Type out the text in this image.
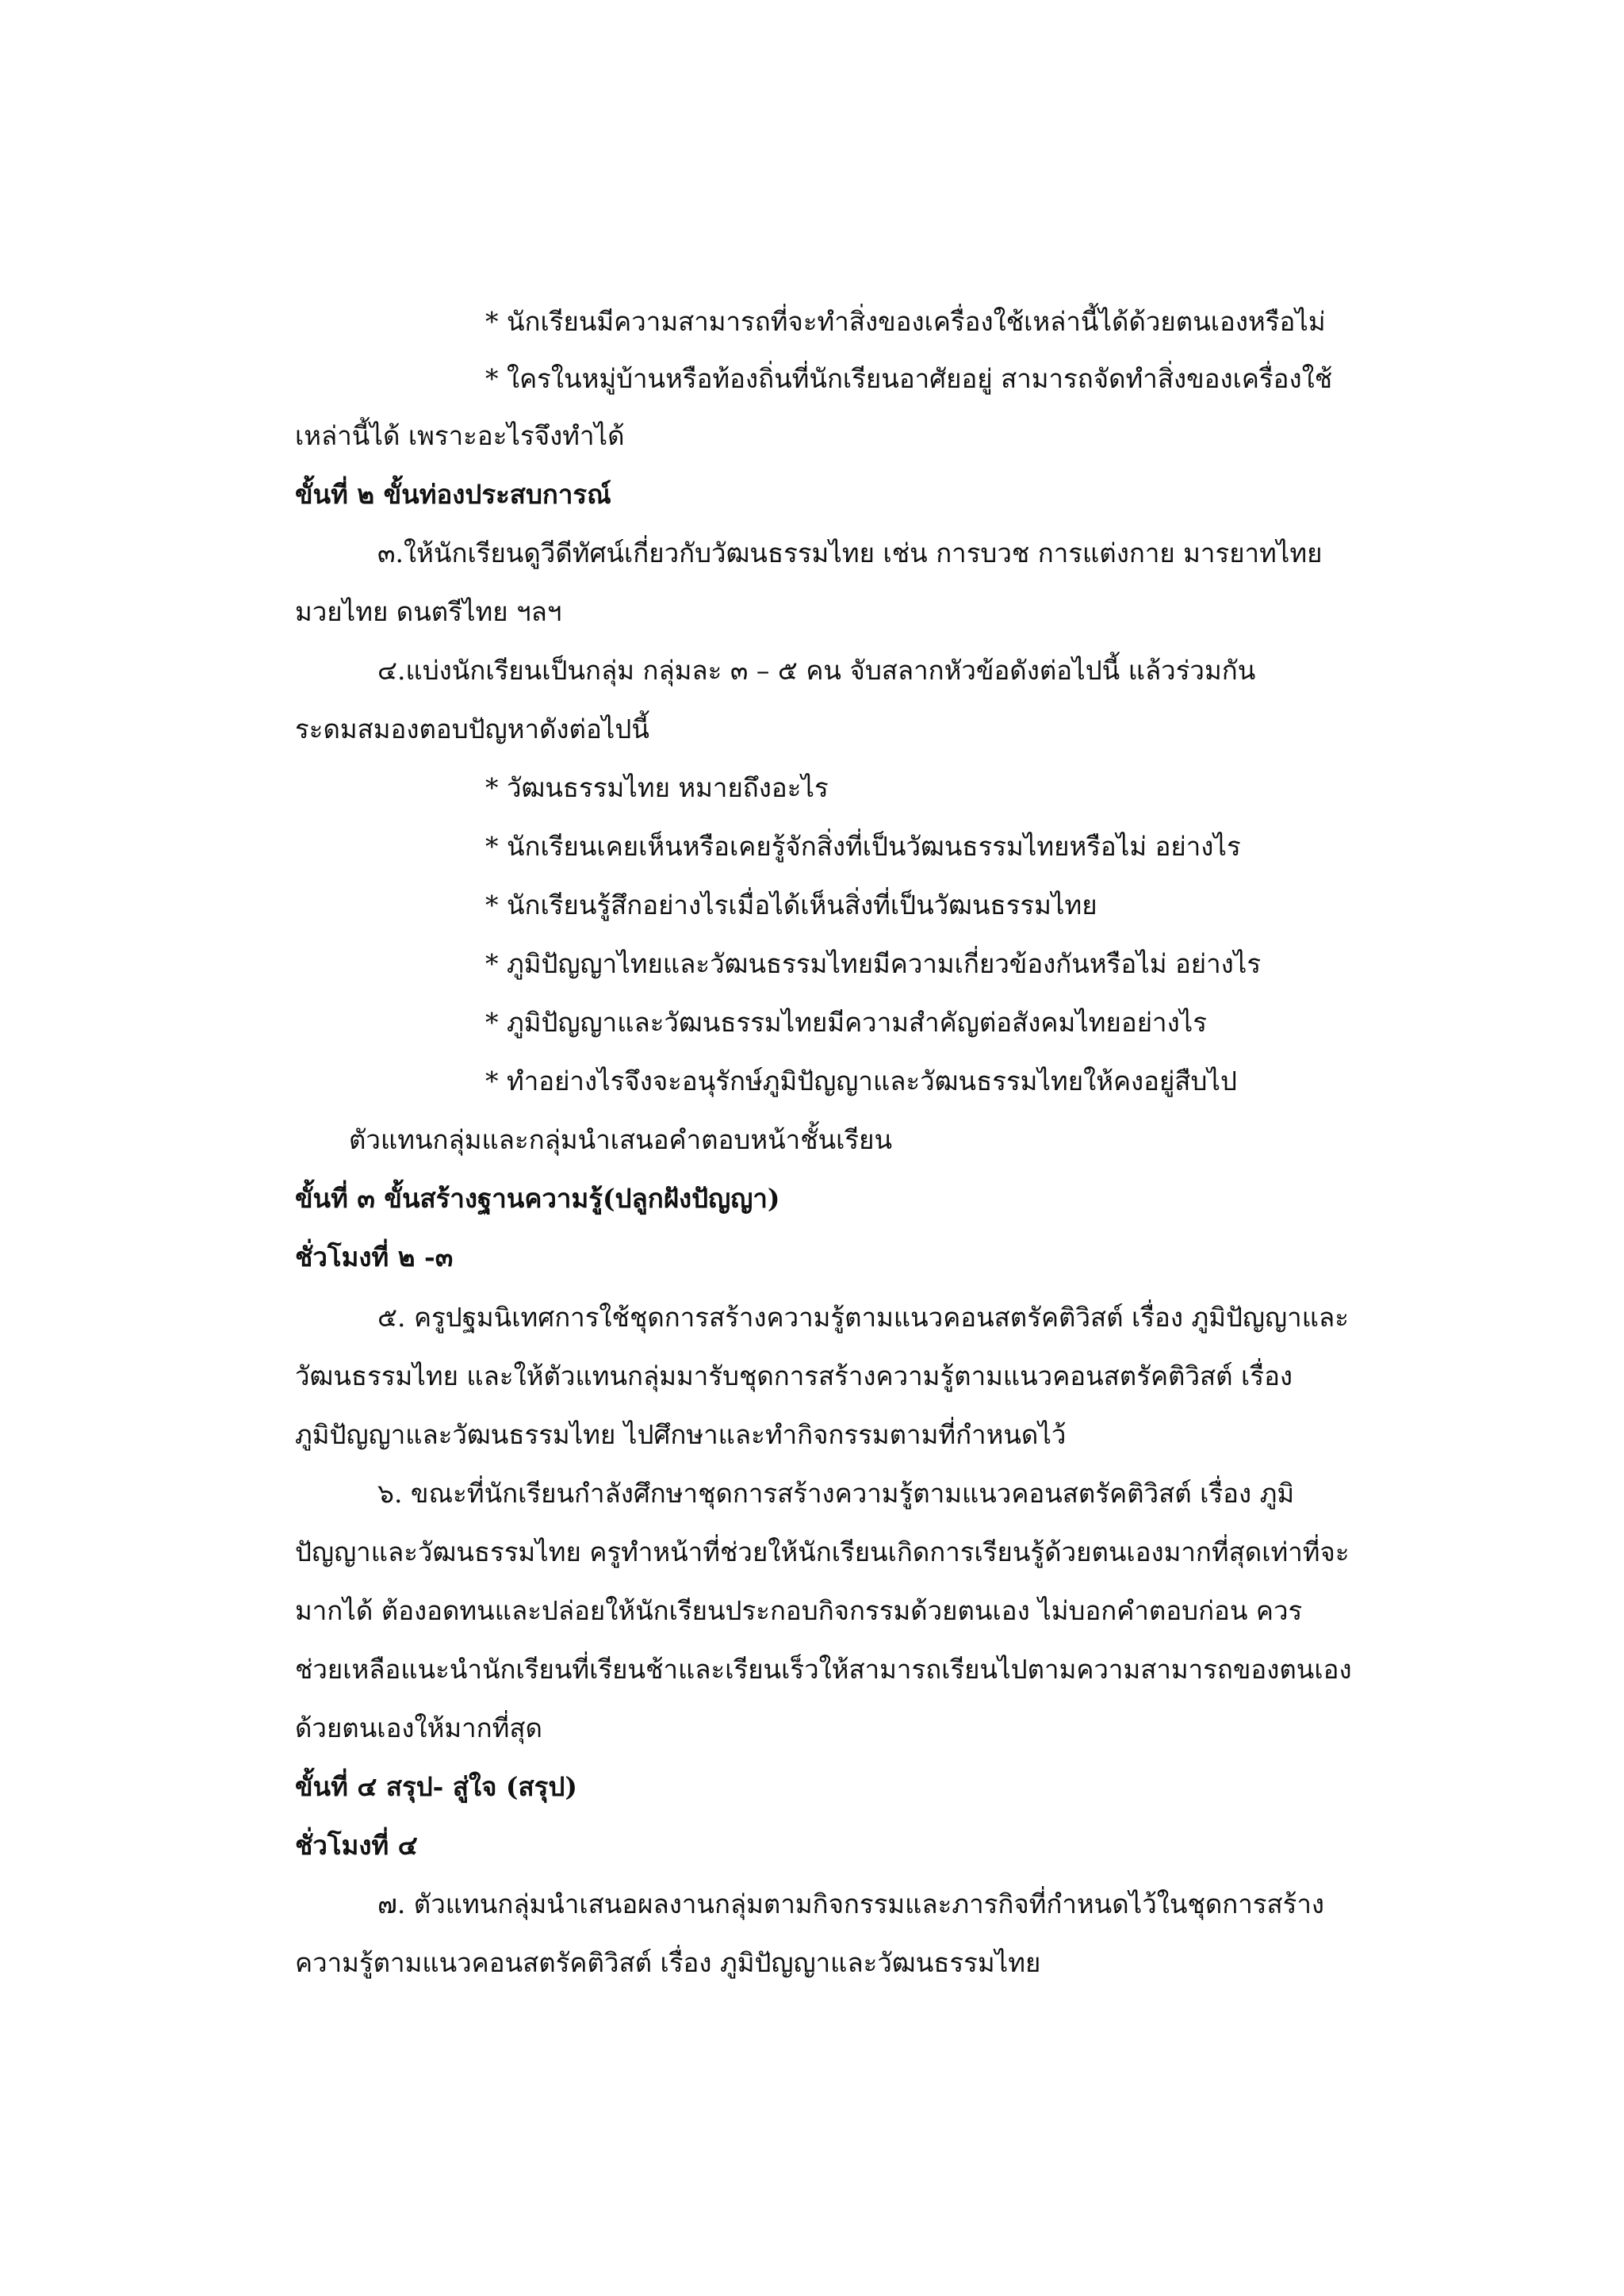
* นักเรียนมีความสามารถที่จะทำสิ่งของเครื่องใช้เหล่านี้ได้ด้วยตนเองหรือไม่
* ใครในหมู่บ้านหรือท้องถิ่นที่นักเรียนอาศัยอยู่ สามารถจัดทำสิ่งของเครื่องใช้
เหล่านี้ได้ เพราะอะไรจึงทำได้
ขั้นที่ ๒ ขั้นท่องประสบการณ์
๓.ให้นักเรียนดูวีดีทัศน์เกี่ยวกับวัฒนธรรมไทย เช่น การบวช การแต่งกาย มารยาทไทย
มวยไทย ดนตรีไทย ฯลฯ
๔.แบ่งนักเรียนเป็นกลุ่ม กลุ่มละ ๓ – ๕ คน จับสลากหัวข้อดังต่อไปนี้ แล้วร่วมกัน
ระดมสมองตอบปัญหาดังต่อไปนี้
* วัฒนธรรมไทย หมายถึงอะไร
* นักเรียนเคยเห็นหรือเคยรู้จักสิ่งที่เป็นวัฒนธรรมไทยหรือไม่ อย่างไร
* นักเรียนรู้สึกอย่างไรเมื่อได้เห็นสิ่งที่เป็นวัฒนธรรมไทย
* ภูมิปัญญาไทยและวัฒนธรรมไทยมีความเกี่ยวข้องกันหรือไม่ อย่างไร
* ภูมิปัญญาและวัฒนธรรมไทยมีความสำคัญต่อสังคมไทยอย่างไร
* ทำอย่างไรจึงจะอนุรักษ์ภูมิปัญญาและวัฒนธรรมไทยให้คงอยู่สืบไป
ตัวแทนกลุ่มและกลุ่มนำเสนอคำตอบหน้าชั้นเรียน
ขั้นที่ ๓ ขั้นสร้างฐานความรู้(ปลูกฝังปัญญา)
ชั่วโมงที่ ๒ -๓
๕. ครูปฐมนิเทศการใช้ชุดการสร้างความรู้ตามแนวคอนสตรัคติวิสต์ เรื่อง ภูมิปัญญาและ
วัฒนธรรมไทย และให้ตัวแทนกลุ่มมารับชุดการสร้างความรู้ตามแนวคอนสตรัคติวิสต์ เรื่อง
ภูมิปัญญาและวัฒนธรรมไทย ไปศึกษาและทำกิจกรรมตามที่กำหนดไว้
๖. ขณะที่นักเรียนกำลังศึกษาชุดการสร้างความรู้ตามแนวคอนสตรัคติวิสต์ เรื่อง ภูมิ
ปัญญาและวัฒนธรรมไทย ครูทำหน้าที่ช่วยให้นักเรียนเกิดการเรียนรู้ด้วยตนเองมากที่สุดเท่าที่จะ
มากได้ ต้องอดทนและปล่อยให้นักเรียนประกอบกิจกรรมด้วยตนเอง ไม่บอกคำตอบก่อน ควร
ช่วยเหลือแนะนำนักเรียนที่เรียนช้าและเรียนเร็วให้สามารถเรียนไปตามความสามารถของตนเอง
ด้วยตนเองให้มากที่สุด
ขั้นที่ ๔ สรุป- สู่ใจ (สรุป)
ชั่วโมงที่ ๔
๗. ตัวแทนกลุ่มนำเสนอผลงานกลุ่มตามกิจกรรมและภารกิจที่กำหนดไว้ในชุดการสร้าง
ความรู้ตามแนวคอนสตรัคติวิสต์ เรื่อง ภูมิปัญญาและวัฒนธรรมไทย
